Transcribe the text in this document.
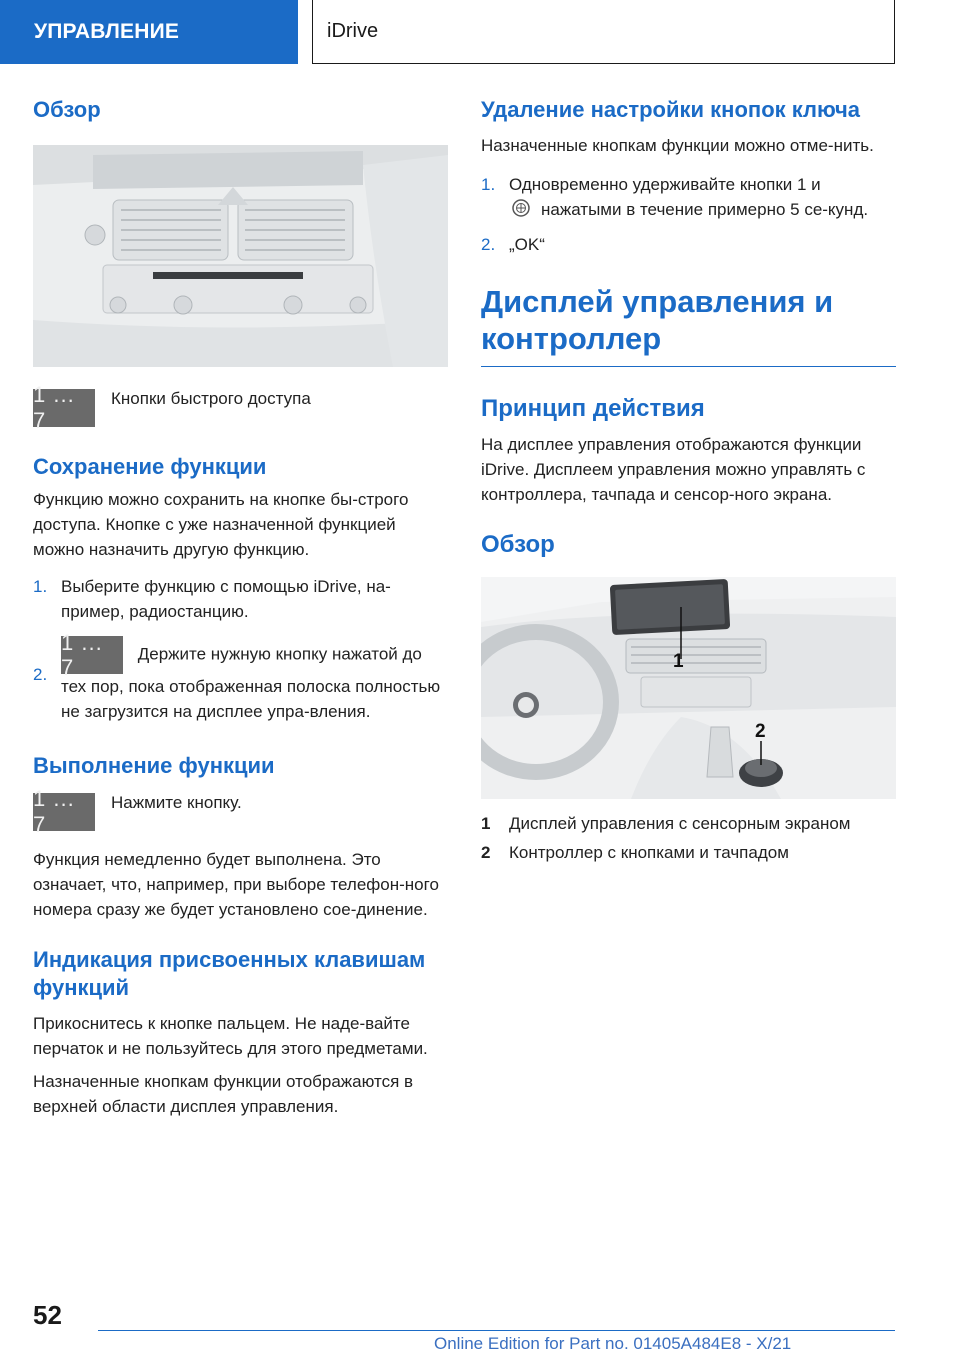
УПРАВЛЕНИЕ	iDrive
Обзор
1 ... 7
Кнопки быстрого доступа
Сохранение функции

Функцию можно сохранить на кнопке бы-строго доступа. Кнопке с уже назначенной функцией можно назначить другую функцию.

1. Выберите функцию с помощью iDrive, на-пример, радиостанцию.
2.
1 ... 7 Держите нужную кнопку нажатой до тех пор, пока отображенная полоска полностью не загрузится на дисплее упра-вления.
Выполнение функции
1 ... 7
Нажмите кнопку.

Функция немедленно будет выполнена. Это означает, что, например, при выборе телефон-ного номера сразу же будет установлено сое-динение.

Индикация присвоенных клавишам функций

Прикоснитесь к кнопке пальцем. Не наде-вайте перчаток и не пользуйтесь для этого предметами.

Назначенные кнопкам функции отображаются в верхней области дисплея управления.

Удаление настройки кнопок ключа

Назначенные кнопкам функции можно отме-нить.

1. Одновременно удерживайте кнопки 1 и
нажатыми в течение примерно 5 се-кунд.
2. „OK“
Дисплей управления и контроллер
Принцип действия

На дисплее управления отображаются функции iDrive. Дисплеем управления можно управлять с контроллера, тачпада и сенсор-ного экрана.

Обзор
1
2
1	Дисплей управления с сенсорным экраном
2	Контроллер с кнопками и тачпадом
52
Online Edition for Part no. 01405A484E8 - X/21
